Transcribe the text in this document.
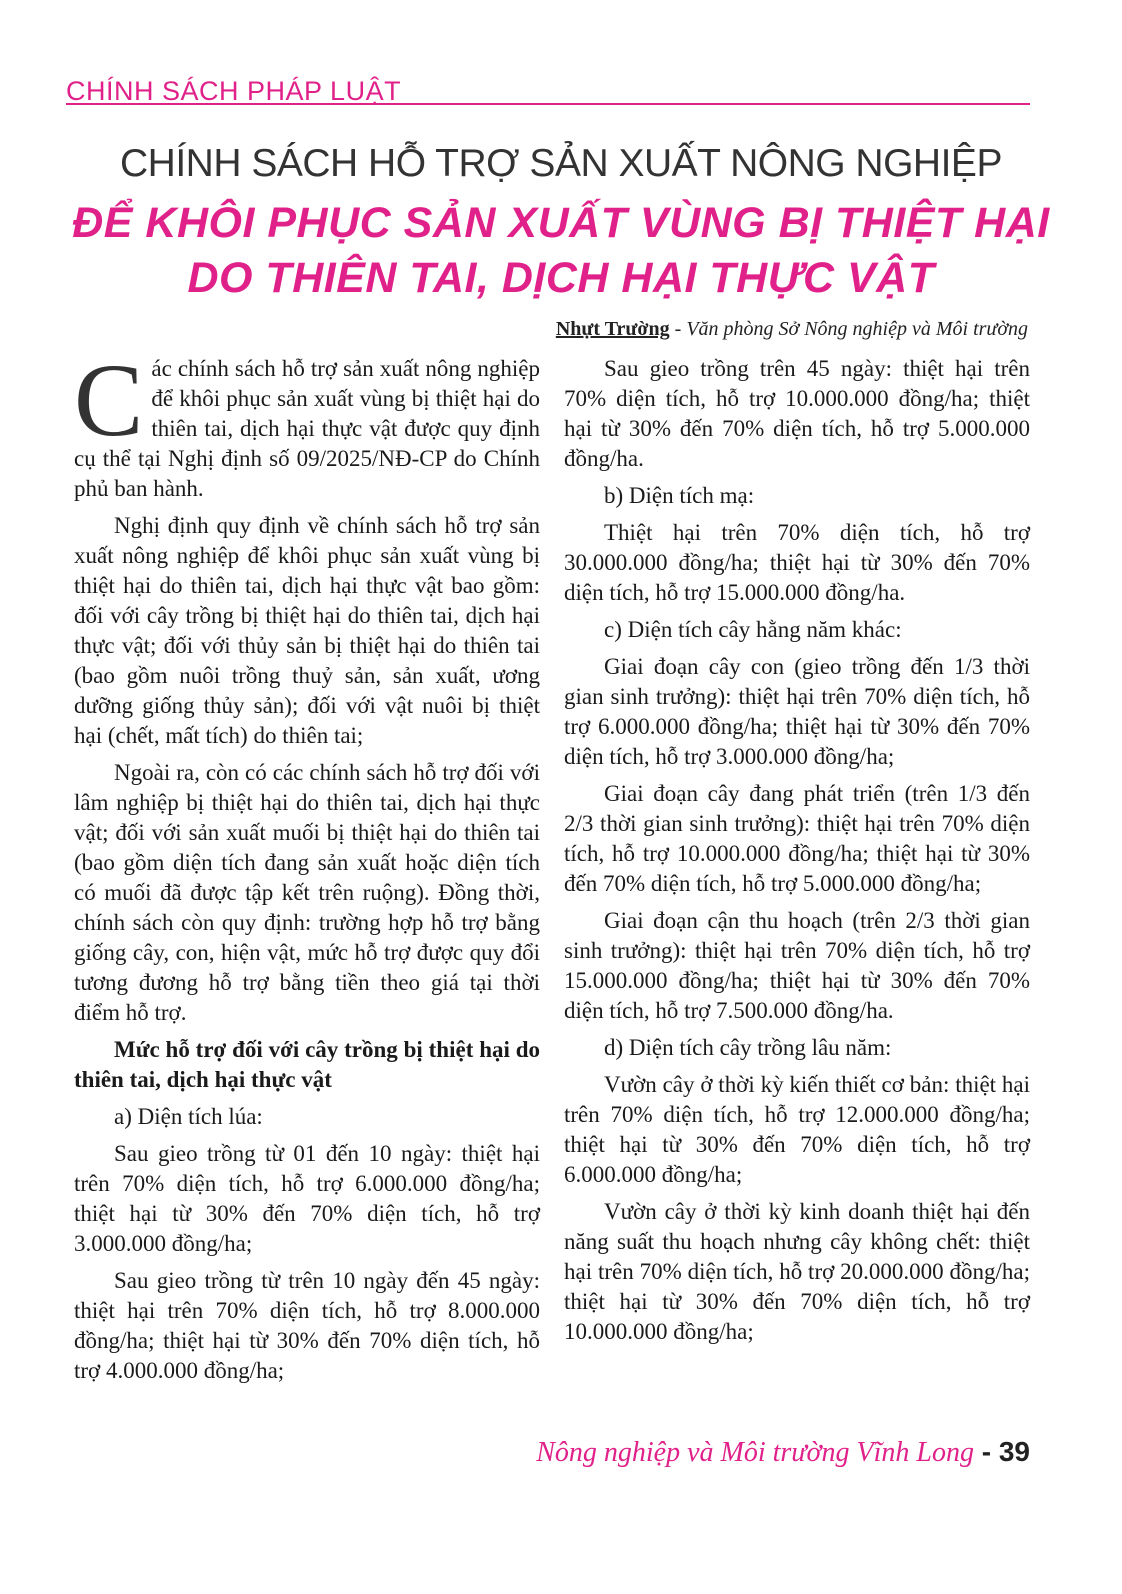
CHÍNH SÁCH PHÁP LUẬT
CHÍNH SÁCH HỖ TRỢ SẢN XUẤT NÔNG NGHIỆP
ĐỂ KHÔI PHỤC SẢN XUẤT VÙNG BỊ THIỆT HẠI
DO THIÊN TAI, DỊCH HẠI THỰC VẬT
Nhựt Trường - Văn phòng Sở Nông nghiệp và Môi trường

Các chính sách hỗ trợ sản xuất nông nghiệp để khôi phục sản xuất vùng bị thiệt hại do thiên tai, dịch hại thực vật được quy định cụ thể tại Nghị định số 09/2025/NĐ-CP do Chính phủ ban hành.

Nghị định quy định về chính sách hỗ trợ sản xuất nông nghiệp để khôi phục sản xuất vùng bị thiệt hại do thiên tai, dịch hại thực vật bao gồm: đối với cây trồng bị thiệt hại do thiên tai, dịch hại thực vật; đối với thủy sản bị thiệt hại do thiên tai (bao gồm nuôi trồng thuỷ sản, sản xuất, ương dưỡng giống thủy sản); đối với vật nuôi bị thiệt hại (chết, mất tích) do thiên tai;

Ngoài ra, còn có các chính sách hỗ trợ đối với lâm nghiệp bị thiệt hại do thiên tai, dịch hại thực vật; đối với sản xuất muối bị thiệt hại do thiên tai (bao gồm diện tích đang sản xuất hoặc diện tích có muối đã được tập kết trên ruộng). Đồng thời, chính sách còn quy định: trường hợp hỗ trợ bằng giống cây, con, hiện vật, mức hỗ trợ được quy đổi tương đương hỗ trợ bằng tiền theo giá tại thời điểm hỗ trợ.

Mức hỗ trợ đối với cây trồng bị thiệt hại do thiên tai, dịch hại thực vật

a) Diện tích lúa:

Sau gieo trồng từ 01 đến 10 ngày: thiệt hại trên 70% diện tích, hỗ trợ 6.000.000 đồng/ha; thiệt hại từ 30% đến 70% diện tích, hỗ trợ 3.000.000 đồng/ha;

Sau gieo trồng từ trên 10 ngày đến 45 ngày: thiệt hại trên 70% diện tích, hỗ trợ 8.000.000 đồng/ha; thiệt hại từ 30% đến 70% diện tích, hỗ trợ 4.000.000 đồng/ha;

Sau gieo trồng trên 45 ngày: thiệt hại trên 70% diện tích, hỗ trợ 10.000.000 đồng/ha; thiệt hại từ 30% đến 70% diện tích, hỗ trợ 5.000.000 đồng/ha.

b) Diện tích mạ:

Thiệt hại trên 70% diện tích, hỗ trợ 30.000.000 đồng/ha; thiệt hại từ 30% đến 70% diện tích, hỗ trợ 15.000.000 đồng/ha.

c) Diện tích cây hằng năm khác:

Giai đoạn cây con (gieo trồng đến 1/3 thời gian sinh trưởng): thiệt hại trên 70% diện tích, hỗ trợ 6.000.000 đồng/ha; thiệt hại từ 30% đến 70% diện tích, hỗ trợ 3.000.000 đồng/ha;

Giai đoạn cây đang phát triển (trên 1/3 đến 2/3 thời gian sinh trưởng): thiệt hại trên 70% diện tích, hỗ trợ 10.000.000 đồng/ha; thiệt hại từ 30% đến 70% diện tích, hỗ trợ 5.000.000 đồng/ha;

Giai đoạn cận thu hoạch (trên 2/3 thời gian sinh trưởng): thiệt hại trên 70% diện tích, hỗ trợ 15.000.000 đồng/ha; thiệt hại từ 30% đến 70% diện tích, hỗ trợ 7.500.000 đồng/ha.

d) Diện tích cây trồng lâu năm:

Vườn cây ở thời kỳ kiến thiết cơ bản: thiệt hại trên 70% diện tích, hỗ trợ 12.000.000 đồng/ha; thiệt hại từ 30% đến 70% diện tích, hỗ trợ 6.000.000 đồng/ha;

Vườn cây ở thời kỳ kinh doanh thiệt hại đến năng suất thu hoạch nhưng cây không chết: thiệt hại trên 70% diện tích, hỗ trợ 20.000.000 đồng/ha; thiệt hại từ 30% đến 70% diện tích, hỗ trợ 10.000.000 đồng/ha;

Nông nghiệp và Môi trường Vĩnh Long - 39
